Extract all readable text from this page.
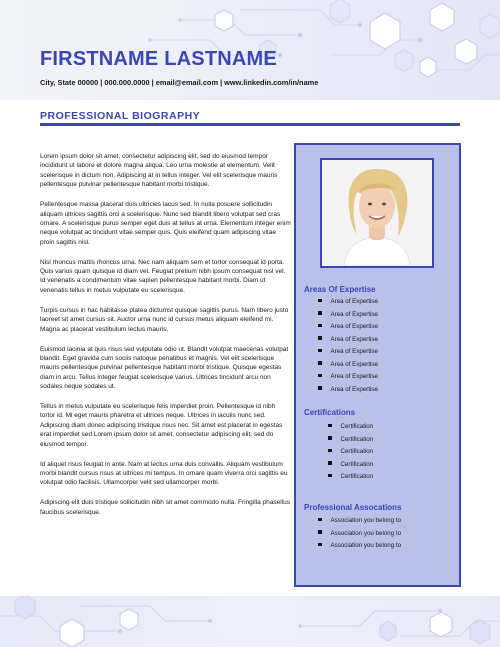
FIRSTNAME LASTNAME

City, State 00000 | 000.000.0000 | email@email.com | www.linkedin.com/in/name

PROFESSIONAL BIOGRAPHY

Lorem ipsum dolor sit amet, consectetur adipiscing elit, sed do eiusmod tempor incididunt ut labore et dolore magna aliqua. Leo urna molestie at elementum. Velit scelerisque in dictum non. Adipiscing at in tellus integer. Vel elit scelerisque mauris pellentesque pulvinar pellentesque habitant morbi tristique.

Pellentesque massa placerat duis ultricies lacus sed. In nulla posuere sollicitudin aliquam ultrices sagittis orci a scelerisque. Nunc sed blandit libero volutpat sed cras ornare. A scelerisque purus semper eget duis at tellus at urna. Elementum integer enim neque volutpat ac tincidunt vitae semper quis. Quis eleifend quam adipiscing vitae proin sagittis nisl.

Nisl rhoncus mattis rhoncus urna. Nec nam aliquam sem et tortor consequat id porta. Quis varius quam quisque id diam vel. Feugiat pretium nibh ipsum consequat nisl vel. Id venenatis a condimentum vitae sapien pellentesque habitant morbi. Diam ut venenatis tellus in metus vulputate eu scelerisque.

Turpis cursus in hac habitasse platea dictumst quisque sagittis purus. Nam libero justo laoreet sit amet cursus sit. Auctor urna nunc id cursus metus aliquam eleifend mi. Magna ac placerat vestibulum lectus mauris.

Euismod lacinia at quis risus sed vulputate odio ut. Blandit volutpat maecenas volutpat blandit. Eget gravida cum sociis natoque penatibus et magnis. Vel elit scelerisque mauris pellentesque pulvinar pellentesque habitant morbi tristique. Quisque egestas diam in arcu. Tellus integer feugiat scelerisque varius. Ultrices tincidunt arcu non sodales neque sodales ut.

Tellus in metus vulputate eu scelerisque felis imperdiet proin. Pellentesque id nibh tortor id. Mi eget mauris pharetra et ultrices neque. Ultrices in iaculis nunc sed. Adipiscing diam donec adipiscing tristique risus nec. Sit amet est placerat in egestas erat imperdiet sed.Lorem ipsum dolor sit amet, consectetur adipiscing elit, sed do eiusmod tempor.

Id aliquet risus feugiat in ante. Nam at lectus urna duis convallis. Aliquam vestibulum morbi blandit cursus risus at ultrices mi tempus. In ornare quam viverra orci sagittis eu volutpat odio facilisis. Ullamcorper velit sed ullamcorper morbi.

Adipiscing elit duis tristique sollicitudin nibh sit amet commodo nulla. Fringilla phasellus faucibus scelerisque.

Areas Of Expertise
Area of Expertise
Area of Expertise
Area of Expertise
Area of Expertise
Area of Expertise
Area of Expertise
Area of Expertise
Area of Expertise
Certifications
Certification
Certification
Certification
Certification
Certification
Professional Assocations
Association you belong to
Association you belong to
Association you belong to
